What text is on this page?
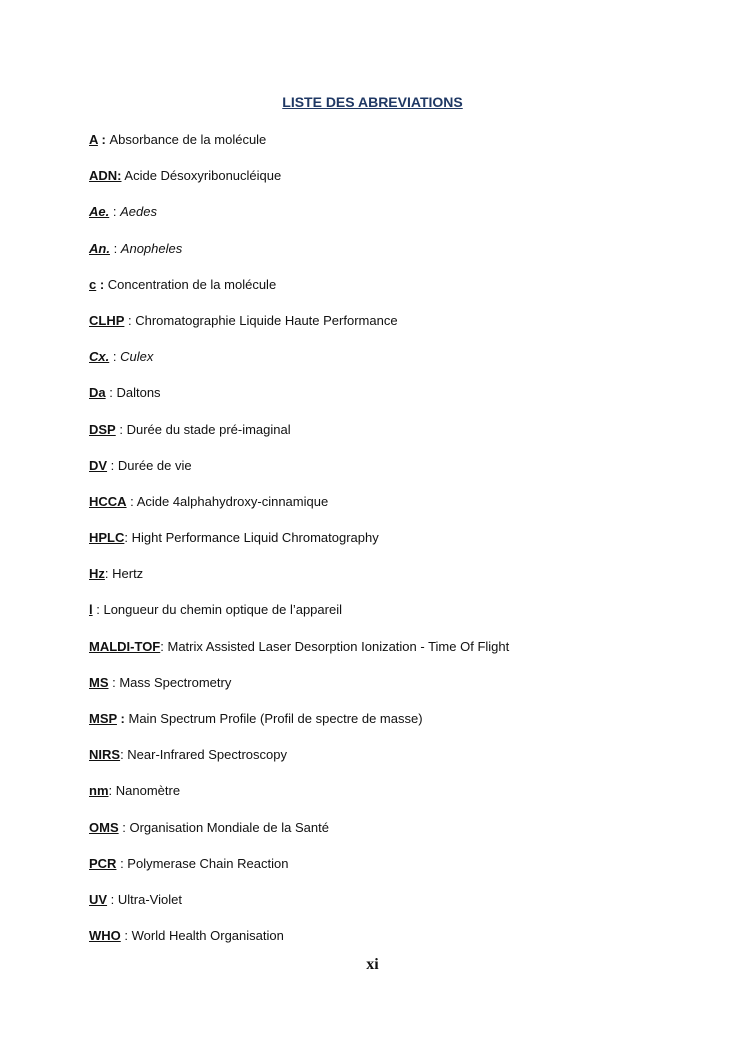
LISTE DES ABREVIATIONS
A : Absorbance de la molécule
ADN: Acide Désoxyribonucléique
Ae. : Aedes
An. : Anopheles
c : Concentration de la molécule
CLHP : Chromatographie Liquide Haute Performance
Cx. : Culex
Da : Daltons
DSP : Durée du stade pré-imaginal
DV : Durée de vie
HCCA : Acide 4alphahydroxy-cinnamique
HPLC: Hight Performance Liquid Chromatography
Hz: Hertz
l : Longueur du chemin optique de l’appareil
MALDI-TOF: Matrix Assisted Laser Desorption Ionization - Time Of Flight
MS : Mass Spectrometry
MSP : Main Spectrum Profile (Profil de spectre de masse)
NIRS: Near-Infrared Spectroscopy
nm: Nanomètre
OMS : Organisation Mondiale de la Santé
PCR : Polymerase Chain Reaction
UV : Ultra-Violet
WHO : World Health Organisation
xi
